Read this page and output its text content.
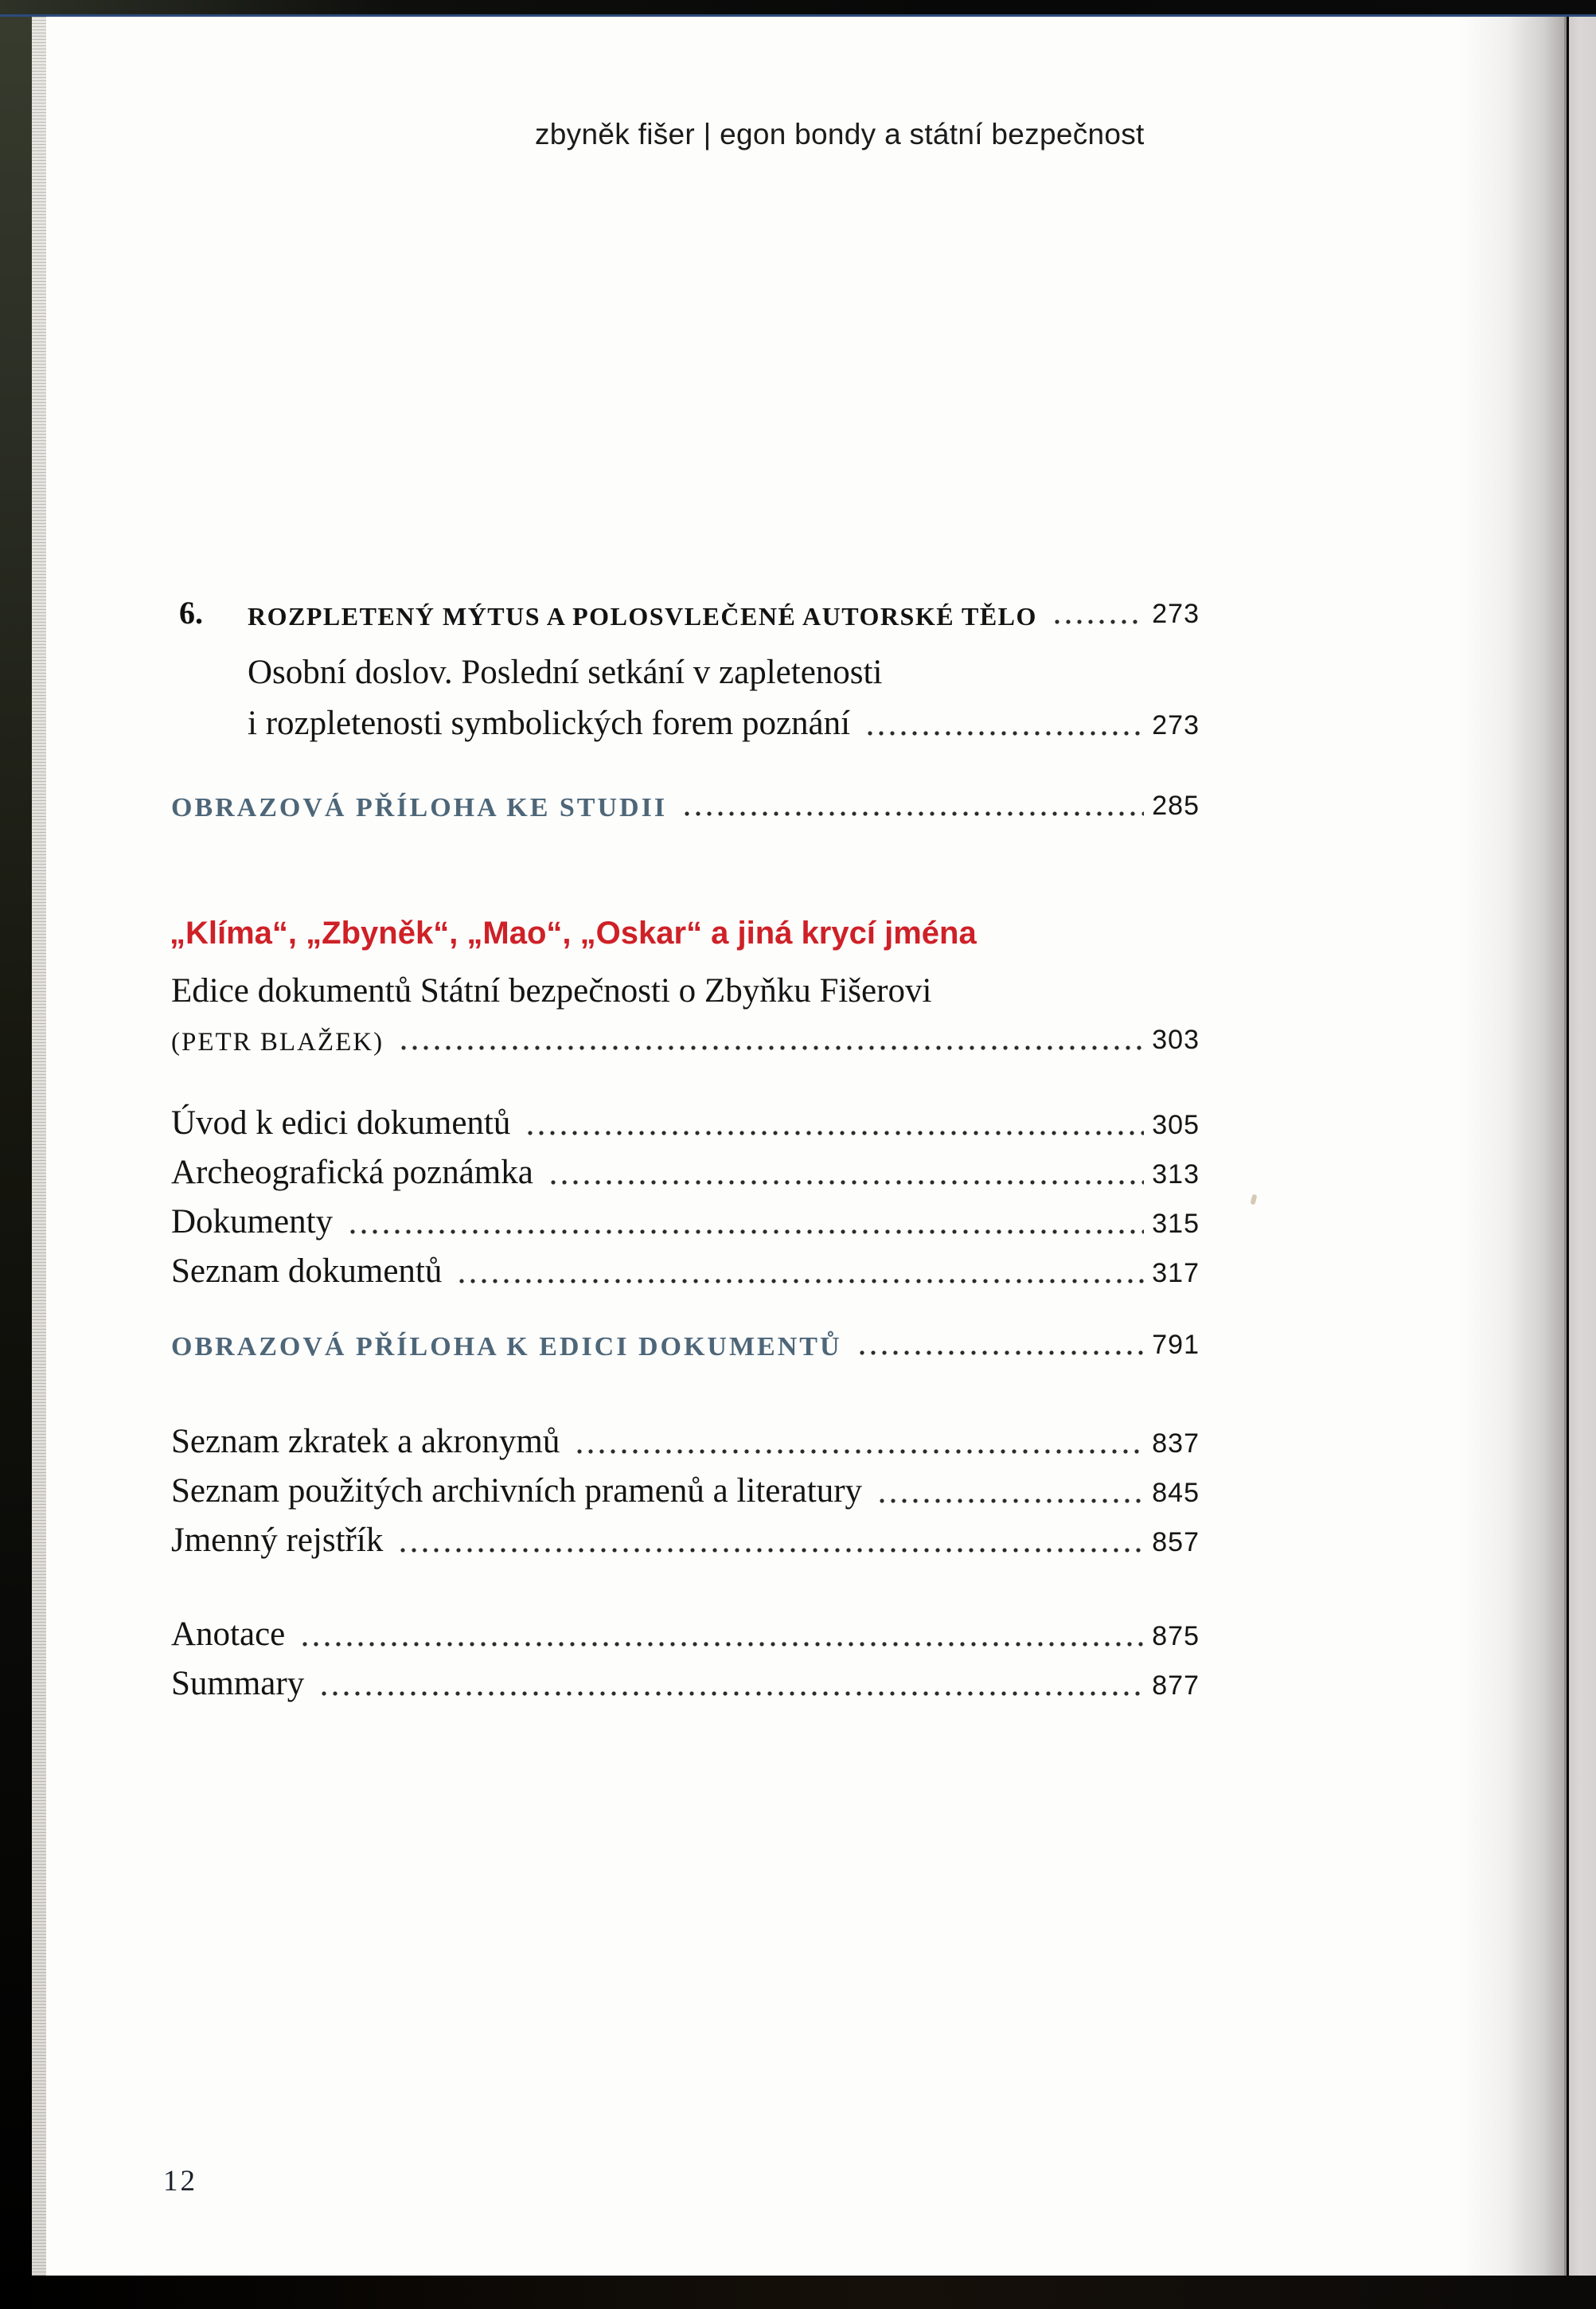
zbyněk fišer | egon bondy a státní bezpečnost
6.	ROZPLETENÝ MÝTUS A POLOSVLEČENÉ AUTORSKÉ TĚLO	273
Osobní doslov. Poslední setkání v zapletenosti
i rozpletenosti symbolických forem poznání	273
OBRAZOVÁ PŘÍLOHA KE STUDII	285
„Klíma“, „Zbyněk“, „Mao“, „Oskar“ a jiná krycí jména
Edice dokumentů Státní bezpečnosti o Zbyňku Fišerovi
(PETR BLAŽEK)	303
Úvod k edici dokumentů	305
Archeografická poznámka	313
Dokumenty	315
Seznam dokumentů	317
OBRAZOVÁ PŘÍLOHA K EDICI DOKUMENTŮ	791
Seznam zkratek a akronymů	837
Seznam použitých archivních pramenů a literatury	845
Jmenný rejstřík	857
Anotace	875
Summary	877
12
